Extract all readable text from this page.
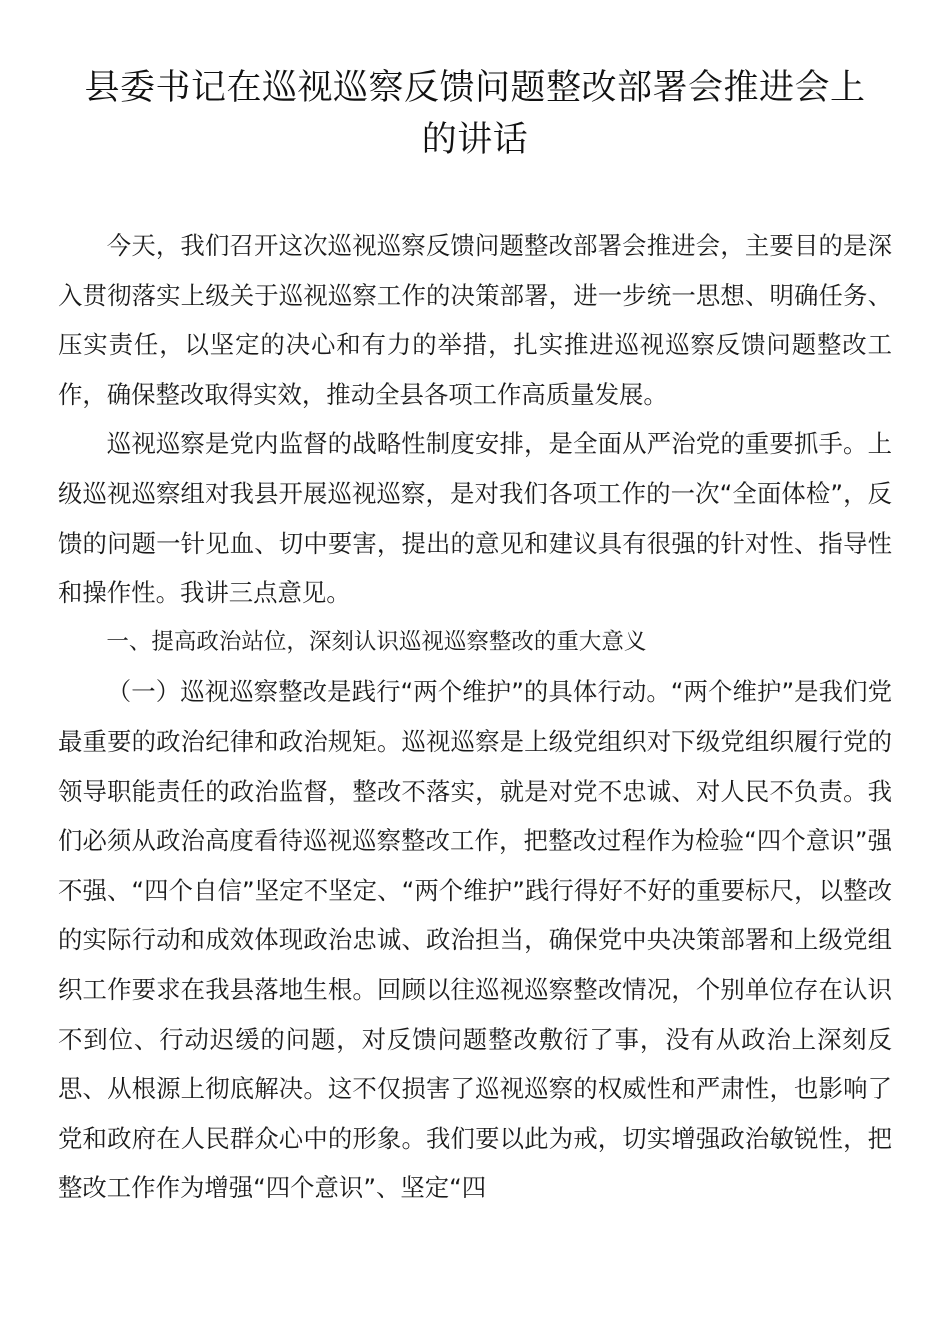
县委书记在巡视巡察反馈问题整改部署会推进会上的讲话

今天，我们召开这次巡视巡察反馈问题整改部署会推进会，主要目的是深入贯彻落实上级关于巡视巡察工作的决策部署，进一步统一思想、明确任务、压实责任，以坚定的决心和有力的举措，扎实推进巡视巡察反馈问题整改工作，确保整改取得实效，推动全县各项工作高质量发展。

巡视巡察是党内监督的战略性制度安排，是全面从严治党的重要抓手。上级巡视巡察组对我县开展巡视巡察，是对我们各项工作的一次“全面体检”，反馈的问题一针见血、切中要害，提出的意见和建议具有很强的针对性、指导性和操作性。我讲三点意见。

一、提高政治站位，深刻认识巡视巡察整改的重大意义

（一）巡视巡察整改是践行“两个维护”的具体行动。“两个维护”是我们党最重要的政治纪律和政治规矩。巡视巡察是上级党组织对下级党组织履行党的领导职能责任的政治监督，整改不落实，就是对党不忠诚、对人民不负责。我们必须从政治高度看待巡视巡察整改工作，把整改过程作为检验“四个意识”强不强、“四个自信”坚定不坚定、“两个维护”践行得好不好的重要标尺，以整改的实际行动和成效体现政治忠诚、政治担当，确保党中央决策部署和上级党组织工作要求在我县落地生根。回顾以往巡视巡察整改情况，个别单位存在认识不到位、行动迟缓的问题，对反馈问题整改敷衍了事，没有从政治上深刻反思、从根源上彻底解决。这不仅损害了巡视巡察的权威性和严肃性，也影响了党和政府在人民群众心中的形象。我们要以此为戒，切实增强政治敏锐性，把整改工作作为增强“四个意识”、坚定“四
